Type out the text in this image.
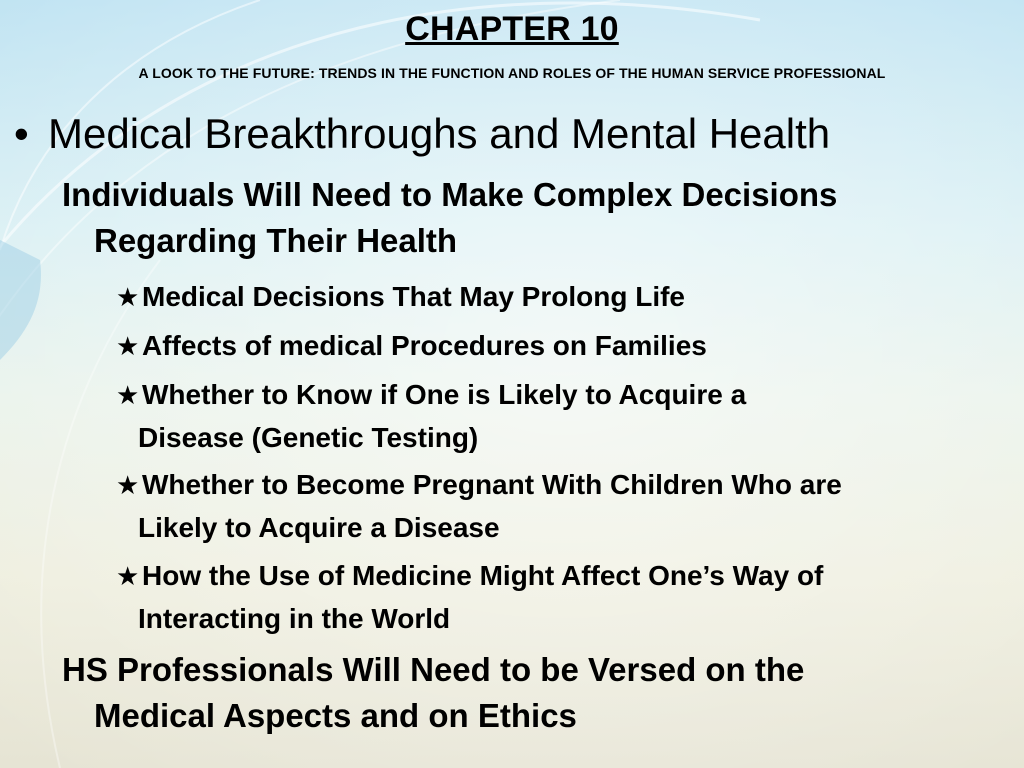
CHAPTER 10

A LOOK TO THE FUTURE: TRENDS IN THE FUNCTION AND ROLES OF THE HUMAN SERVICE PROFESSIONAL

• Medical Breakthroughs and Mental Health

Individuals Will Need to Make Complex Decisions
Regarding Their Health

★Medical Decisions That May Prolong Life

★Affects of medical Procedures on Families

★Whether to Know if One is Likely to Acquire a
Disease (Genetic Testing)

★Whether to Become Pregnant With Children Who are
Likely to Acquire a Disease

★How the Use of Medicine Might Affect One’s Way of
Interacting in the World

HS Professionals Will Need to be Versed on the
Medical Aspects and on Ethics
